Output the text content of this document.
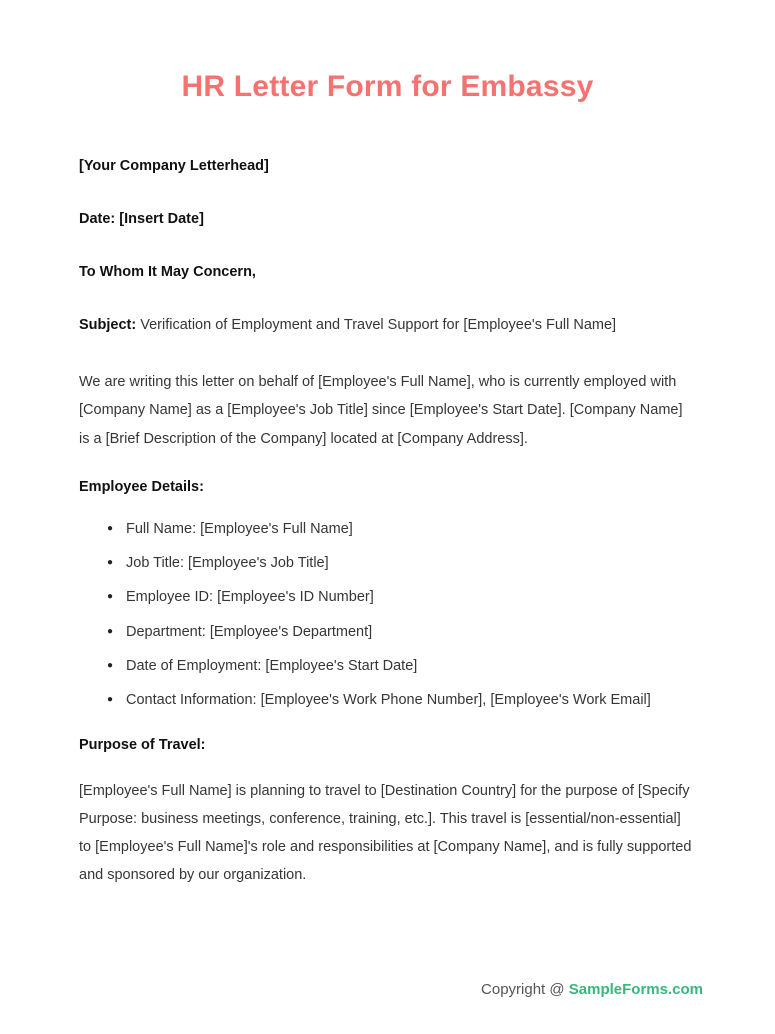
HR Letter Form for Embassy

[Your Company Letterhead]

Date: [Insert Date]

To Whom It May Concern,

Subject: Verification of Employment and Travel Support for [Employee's Full Name]

We are writing this letter on behalf of [Employee's Full Name], who is currently employed with [Company Name] as a [Employee's Job Title] since [Employee's Start Date]. [Company Name] is a [Brief Description of the Company] located at [Company Address].

Employee Details:

● Full Name: [Employee's Full Name]
● Job Title: [Employee's Job Title]
● Employee ID: [Employee's ID Number]
● Department: [Employee's Department]
● Date of Employment: [Employee's Start Date]
● Contact Information: [Employee's Work Phone Number], [Employee's Work Email]

Purpose of Travel:

[Employee's Full Name] is planning to travel to [Destination Country] for the purpose of [Specify Purpose: business meetings, conference, training, etc.]. This travel is [essential/non-essential] to [Employee's Full Name]'s role and responsibilities at [Company Name], and is fully supported and sponsored by our organization.

Copyright @ SampleForms.com
